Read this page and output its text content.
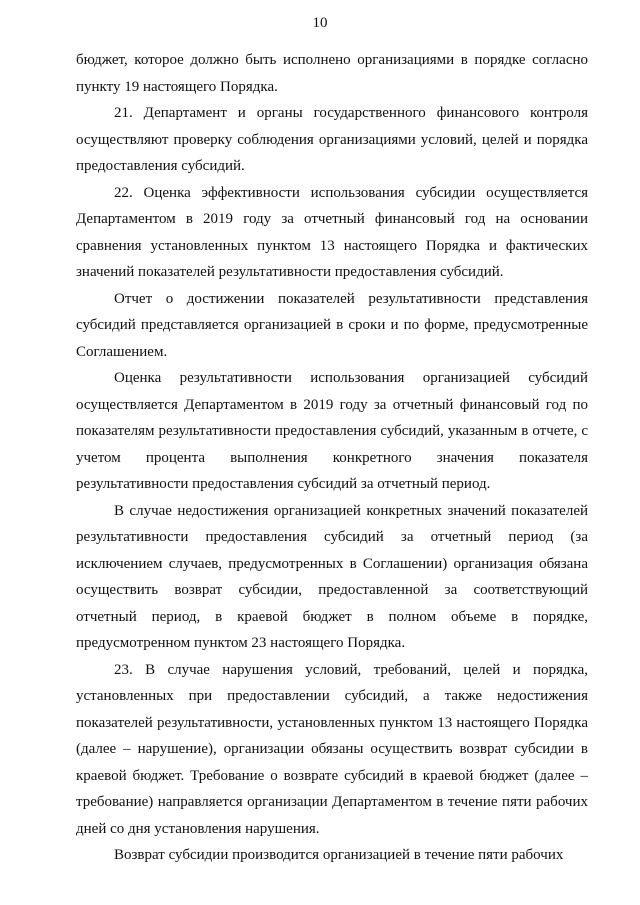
10

бюджет, которое должно быть исполнено организациями в порядке согласно пункту 19 настоящего Порядка.

21. Департамент и органы государственного финансового контроля осуществляют проверку соблюдения организациями условий, целей и порядка предоставления субсидий.

22. Оценка эффективности использования субсидии осуществляется Департаментом в 2019 году за отчетный финансовый год на основании сравнения установленных пунктом 13 настоящего Порядка и фактических значений показателей результативности предоставления субсидий.

Отчет о достижении показателей результативности представления субсидий представляется организацией в сроки и по форме, предусмотренные Соглашением.

Оценка результативности использования организацией субсидий осуществляется Департаментом в 2019 году за отчетный финансовый год по показателям результативности предоставления субсидий, указанным в отчете, с учетом процента выполнения конкретного значения показателя результативности предоставления субсидий за отчетный период.

В случае недостижения организацией конкретных значений показателей результативности предоставления субсидий за отчетный период (за исключением случаев, предусмотренных в Соглашении) организация обязана осуществить возврат субсидии, предоставленной за соответствующий отчетный период, в краевой бюджет в полном объеме в порядке, предусмотренном пунктом 23 настоящего Порядка.

23. В случае нарушения условий, требований, целей и порядка, установленных при предоставлении субсидий, а также недостижения показателей результативности, установленных пунктом 13 настоящего Порядка (далее – нарушение), организации обязаны осуществить возврат субсидии в краевой бюджет. Требование о возврате субсидий в краевой бюджет (далее – требование) направляется организации Департаментом в течение пяти рабочих дней со дня установления нарушения.

Возврат субсидии производится организацией в течение пяти рабочих
